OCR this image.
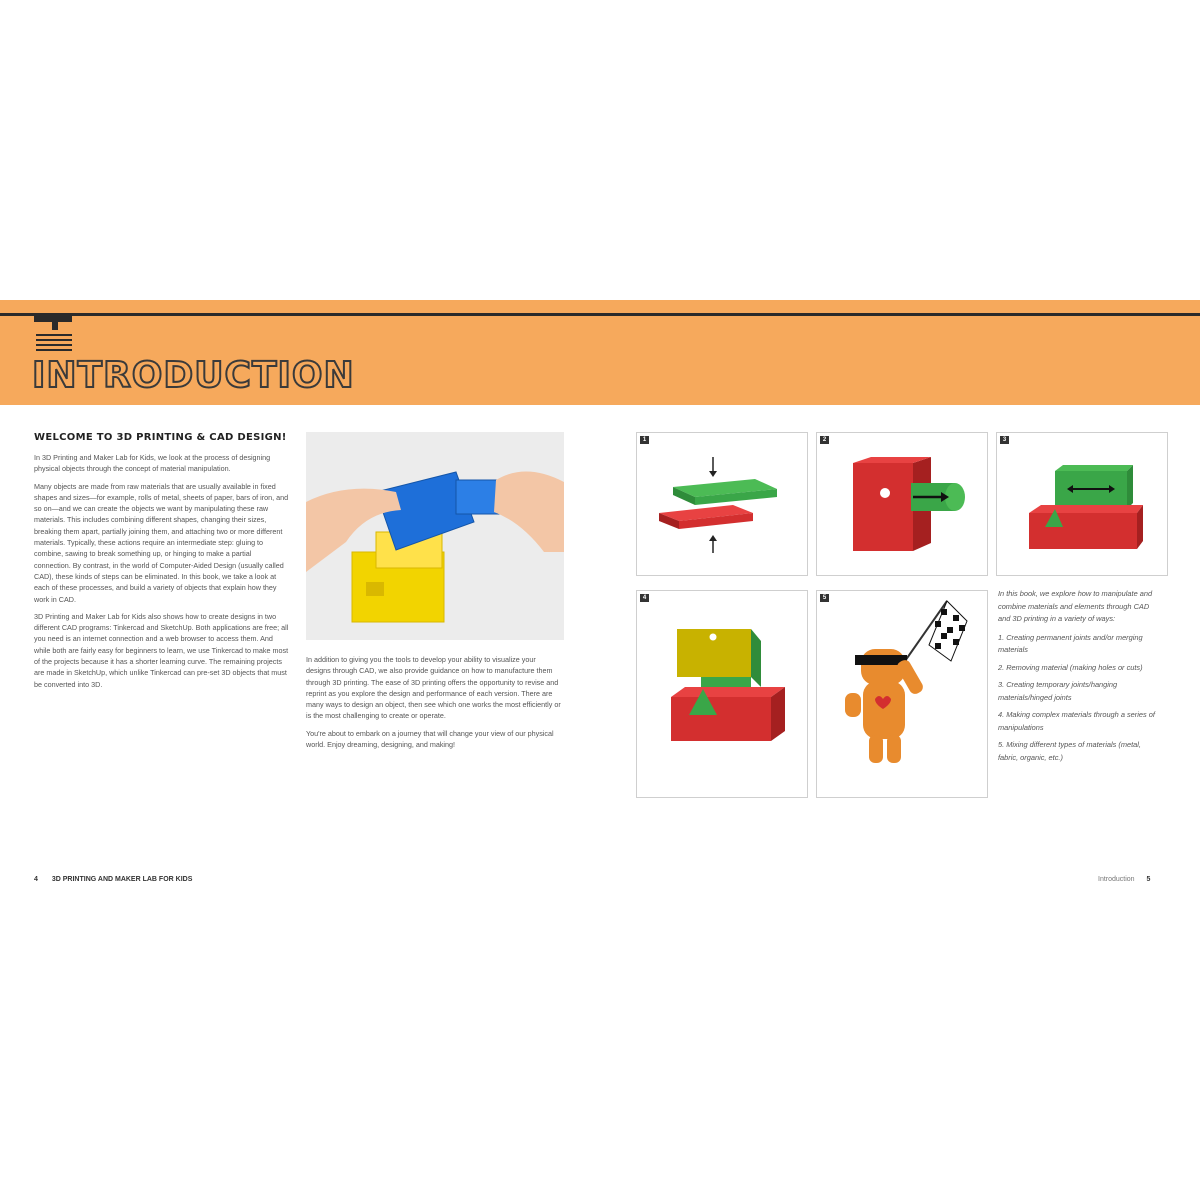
INTRODUCTION
WELCOME TO 3D PRINTING & CAD DESIGN!

In 3D Printing and Maker Lab for Kids, we look at the process of designing physical objects through the concept of material manipulation.

Many objects are made from raw materials that are usually available in fixed shapes and sizes—for example, rolls of metal, sheets of paper, bars of iron, and so on—and we can create the objects we want by manipulating these raw materials. This includes combining different shapes, changing their sizes, breaking them apart, partially joining them, and attaching two or more different materials. Typically, these actions require an intermediate step: gluing to combine, sawing to break something up, or hinging to make a partial connection. By contrast, in the world of Computer-Aided Design (usually called CAD), these kinds of steps can be eliminated. In this book, we take a look at each of these processes, and build a variety of objects that explain how they work in CAD.

3D Printing and Maker Lab for Kids also shows how to create designs in two different CAD programs: Tinkercad and SketchUp. Both applications are free; all you need is an internet connection and a web browser to access them. And while both are fairly easy for beginners to learn, we use Tinkercad to make most of the projects because it has a shorter learning curve. The remaining projects are made in SketchUp, which unlike Tinkercad can pre-set 3D objects that must be converted into 3D.

In addition to giving you the tools to develop your ability to visualize your designs through CAD, we also provide guidance on how to manufacture them through 3D printing. The ease of 3D printing offers the opportunity to revise and reprint as you explore the design and performance of each version. There are many ways to design an object, then see which one works the most efficiently or is the most challenging to create or operate.

You're about to embark on a journey that will change your view of our physical world. Enjoy dreaming, designing, and making!

4 3D PRINTING AND MAKER LAB FOR KIDS
1	2	3
4	5	In this book, we explore how to manipulate and combine materials and elements through CAD and 3D printing in a variety of ways:

1. Creating permanent joints and/or merging materials

2. Removing material (making holes or cuts)

3. Creating temporary joints/hanging materials/hinged joints

4. Making complex materials through a series of manipulations

5. Mixing different types of materials (metal, fabric, organic, etc.)

Introduction 5
